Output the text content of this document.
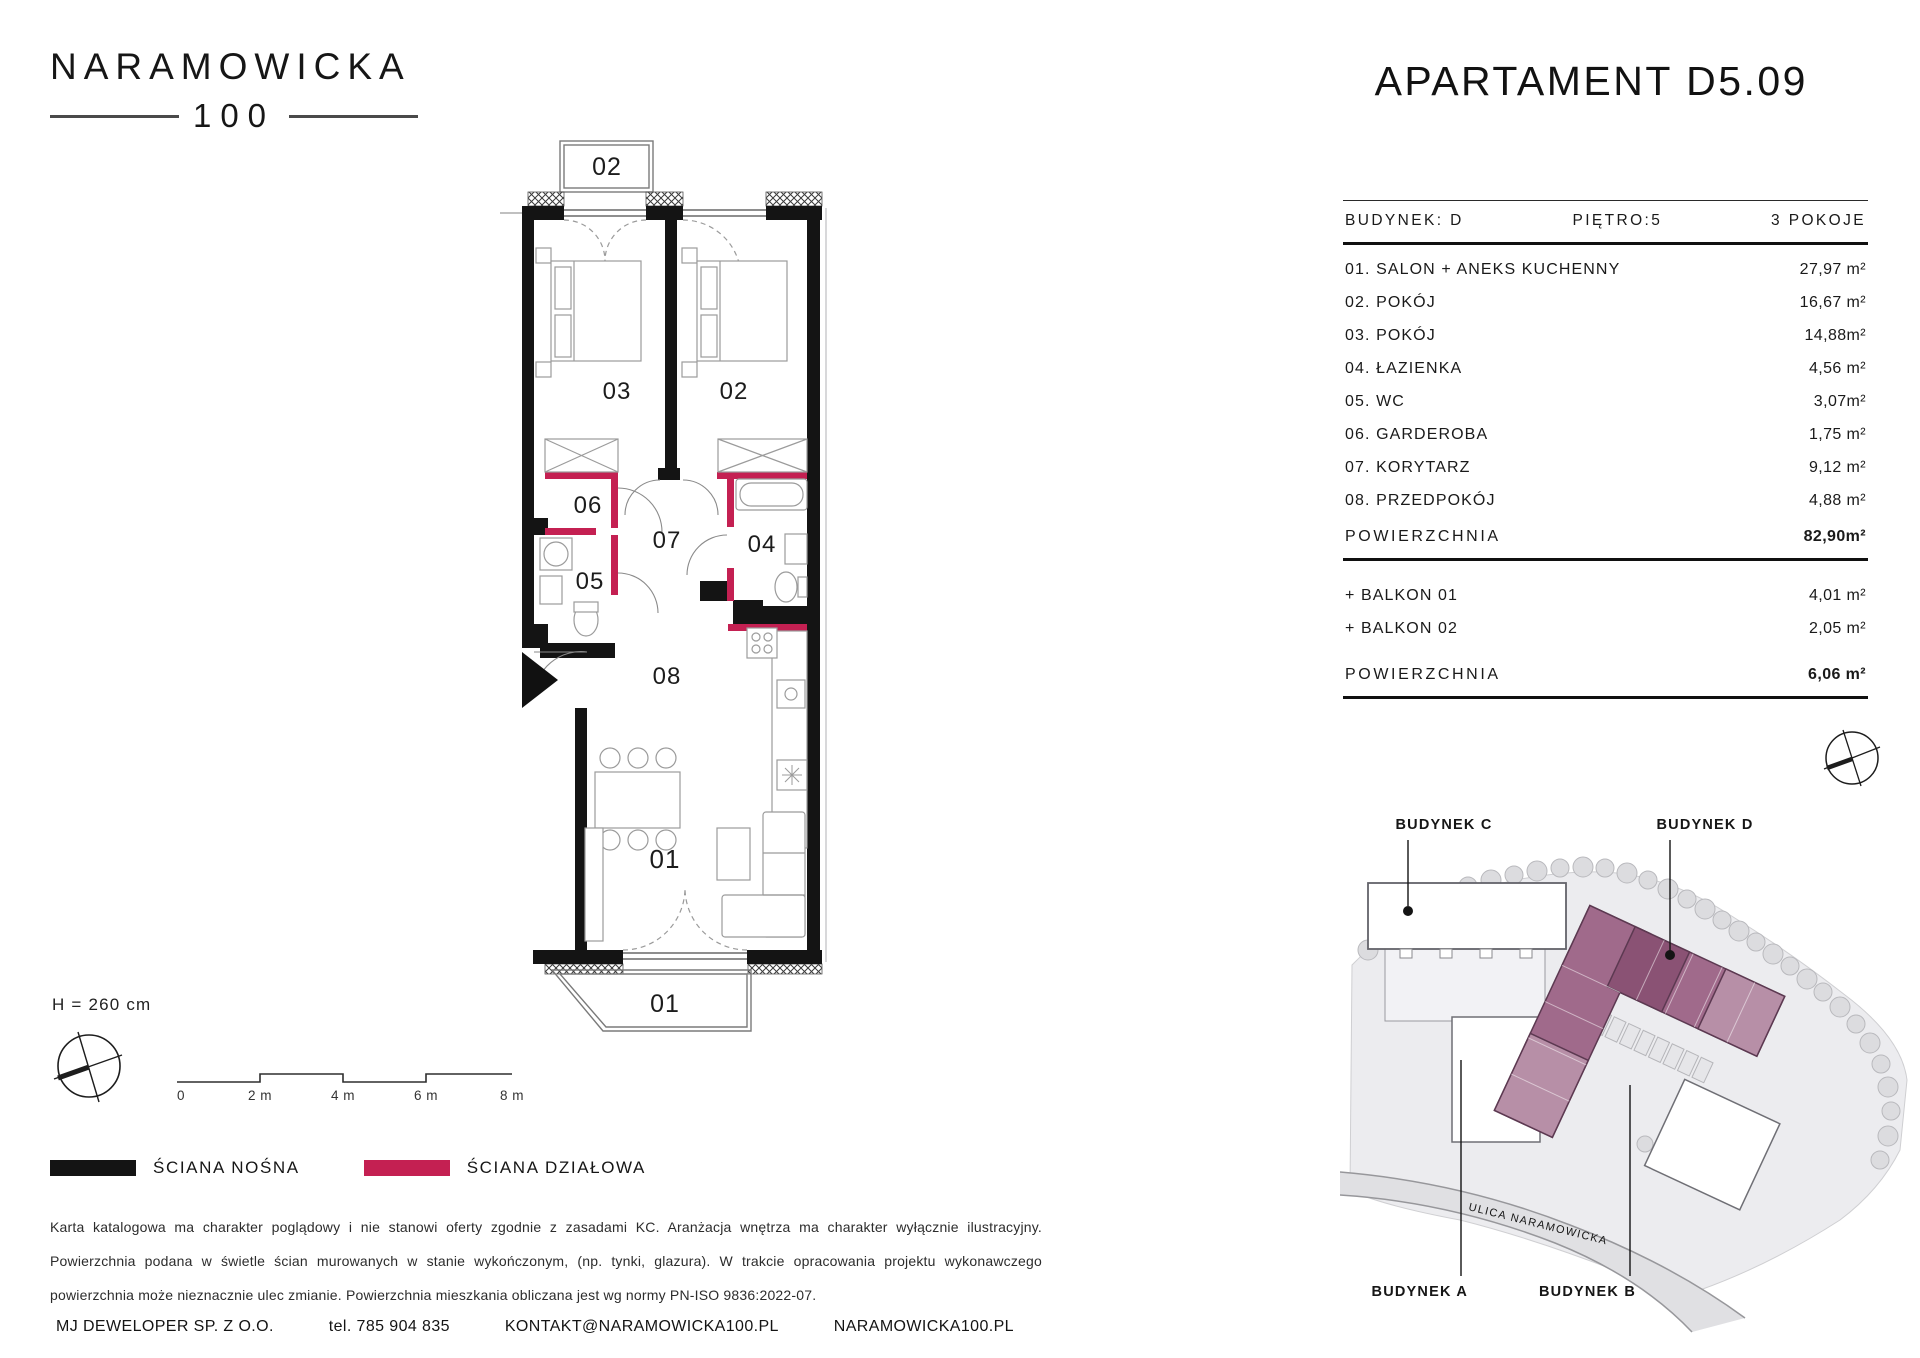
NARAMOWICKA
100
APARTAMENT D5.09
BUDYNEK: D	PIĘTRO:5	3 POKOJE
01. SALON + ANEKS KUCHENNY	27,97 m²
02. POKÓJ	16,67 m²
03. POKÓJ	14,88m²
04. ŁAZIENKA	4,56 m²
05. WC	3,07m²
06. GARDEROBA	1,75 m²
07. KORYTARZ	9,12 m²
08. PRZEDPOKÓJ	4,88 m²
POWIERZCHNIA	82,90m²
+ BALKON 01	4,01 m²
+ BALKON 02	2,05 m²
POWIERZCHNIA	6,06 m²
02
01
03	02
06
07	04
05
08
01
H = 260 cm
0	2 m	4 m	6 m	8 m
ŚCIANA NOŚNA	ŚCIANA DZIAŁOWA
Karta katalogowa ma charakter poglądowy i nie stanowi oferty zgodnie z zasadami KC. Aranżacja wnętrza ma charakter wyłącznie ilustracyjny. Powierzchnia podana w świetle ścian murowanych w stanie wykończonym, (np. tynki, glazura). W trakcie opracowania projektu wykonawczego powierzchnia może nieznacznie ulec zmianie. Powierzchnia mieszkania obliczana jest wg normy PN-ISO 9836:2022-07.
MJ DEWELOPER SP. Z O.O.	tel. 785 904 835	KONTAKT@NARAMOWICKA100.PL	NARAMOWICKA100.PL
ULICA NARAMOWICKA
BUDYNEK C	BUDYNEK D
BUDYNEK A	BUDYNEK B
